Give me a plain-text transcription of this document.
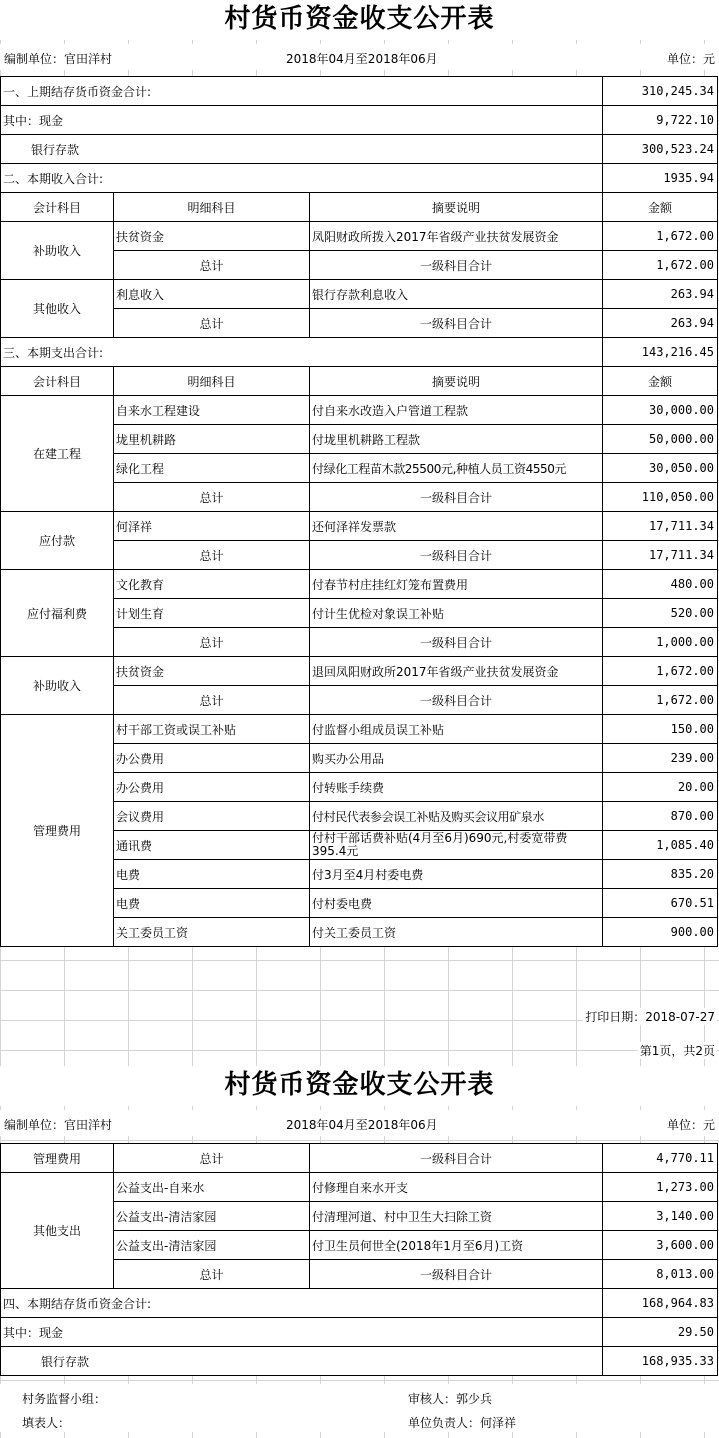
村货币资金收支公开表
编制单位：官田洋村	2018年04月至2018年06月	单位：元
一、上期结存货币资金合计:			310,245.34
其中：现金			9,722.10
银行存款			300,523.24
二、本期收入合计:			1935.94
会计科目	明细科目	摘要说明	金额
补助收入	扶贫资金	凤阳财政所拨入2017年省级产业扶贫发展资金	1,672.00
	总计	一级科目合计	1,672.00
其他收入	利息收入	银行存款利息收入	263.94
	总计	一级科目合计	263.94
三、本期支出合计:			143,216.45
会计科目	明细科目	摘要说明	金额
在建工程	自来水工程建设	付自来水改造入户管道工程款	30,000.00
	垅里机耕路	付垅里机耕路工程款	50,000.00
	绿化工程	付绿化工程苗木款25500元,种植人员工资4550元	30,050.00
	总计	一级科目合计	110,050.00
应付款	何泽祥	还何泽祥发票款	17,711.34
	总计	一级科目合计	17,711.34
应付福利费	文化教育	付春节村庄挂红灯笼布置费用	480.00
	计划生育	付计生优检对象误工补贴	520.00
	总计	一级科目合计	1,000.00
补助收入	扶贫资金	退回凤阳财政所2017年省级产业扶贫发展资金	1,672.00
	总计	一级科目合计	1,672.00
管理费用	村干部工资或误工补贴	付监督小组成员误工补贴	150.00
	办公费用	购买办公用品	239.00
	办公费用	付转账手续费	20.00
	会议费用	付村民代表参会误工补贴及购买会议用矿泉水	870.00
	通讯费	付村干部话费补贴(4月至6月)690元,村委宽带费395.4元	1,085.40
	电费	付3月至4月村委电费	835.20
	电费	付村委电费	670.51
	关工委员工资	付关工委员工资	900.00
打印日期：2018-07-27
第1页，共2页
村货币资金收支公开表
编制单位：官田洋村	2018年04月至2018年06月	单位：元
管理费用	总计	一级科目合计	4,770.11
其他支出	公益支出-自来水	付修理自来水开支	1,273.00
	公益支出-清洁家园	付清理河道、村中卫生大扫除工资	3,140.00
	公益支出-清洁家园	付卫生员何世全(2018年1月至6月)工资	3,600.00
	总计	一级科目合计	8,013.00
四、本期结存货币资金合计:			168,964.83
其中：现金			29.50
银行存款			168,935.33
村务监督小组：	审核人：郭少兵
填表人：	单位负责人：何泽祥
